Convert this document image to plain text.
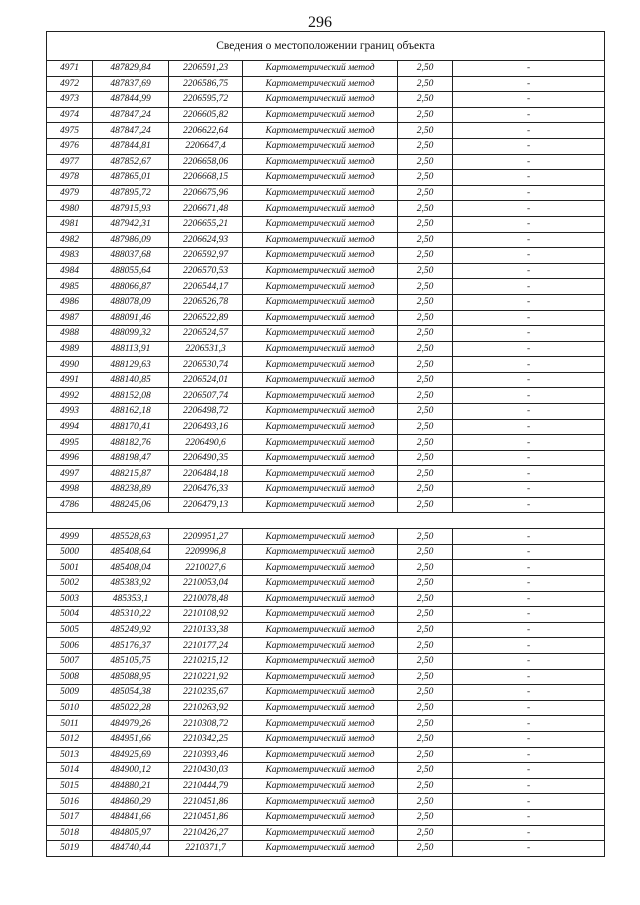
296
Сведения о местоположении границ объекта					
4971	487829,84	2206591,23	Картометрический метод	2,50	-
4972	487837,69	2206586,75	Картометрический метод	2,50	-
4973	487844,99	2206595,72	Картометрический метод	2,50	-
4974	487847,24	2206605,82	Картометрический метод	2,50	-
4975	487847,24	2206622,64	Картометрический метод	2,50	-
4976	487844,81	2206647,4	Картометрический метод	2,50	-
4977	487852,67	2206658,06	Картометрический метод	2,50	-
4978	487865,01	2206668,15	Картометрический метод	2,50	-
4979	487895,72	2206675,96	Картометрический метод	2,50	-
4980	487915,93	2206671,48	Картометрический метод	2,50	-
4981	487942,31	2206655,21	Картометрический метод	2,50	-
4982	487986,09	2206624,93	Картометрический метод	2,50	-
4983	488037,68	2206592,97	Картометрический метод	2,50	-
4984	488055,64	2206570,53	Картометрический метод	2,50	-
4985	488066,87	2206544,17	Картометрический метод	2,50	-
4986	488078,09	2206526,78	Картометрический метод	2,50	-
4987	488091,46	2206522,89	Картометрический метод	2,50	-
4988	488099,32	2206524,57	Картометрический метод	2,50	-
4989	488113,91	2206531,3	Картометрический метод	2,50	-
4990	488129,63	2206530,74	Картометрический метод	2,50	-
4991	488140,85	2206524,01	Картометрический метод	2,50	-
4992	488152,08	2206507,74	Картометрический метод	2,50	-
4993	488162,18	2206498,72	Картометрический метод	2,50	-
4994	488170,41	2206493,16	Картометрический метод	2,50	-
4995	488182,76	2206490,6	Картометрический метод	2,50	-
4996	488198,47	2206490,35	Картометрический метод	2,50	-
4997	488215,87	2206484,18	Картометрический метод	2,50	-
4998	488238,89	2206476,33	Картометрический метод	2,50	-
4786	488245,06	2206479,13	Картометрический метод	2,50	-

4999	485528,63	2209951,27	Картометрический метод	2,50	-
5000	485408,64	2209996,8	Картометрический метод	2,50	-
5001	485408,04	2210027,6	Картометрический метод	2,50	-
5002	485383,92	2210053,04	Картометрический метод	2,50	-
5003	485353,1	2210078,48	Картометрический метод	2,50	-
5004	485310,22	2210108,92	Картометрический метод	2,50	-
5005	485249,92	2210133,38	Картометрический метод	2,50	-
5006	485176,37	2210177,24	Картометрический метод	2,50	-
5007	485105,75	2210215,12	Картометрический метод	2,50	-
5008	485088,95	2210221,92	Картометрический метод	2,50	-
5009	485054,38	2210235,67	Картометрический метод	2,50	-
5010	485022,28	2210263,92	Картометрический метод	2,50	-
5011	484979,26	2210308,72	Картометрический метод	2,50	-
5012	484951,66	2210342,25	Картометрический метод	2,50	-
5013	484925,69	2210393,46	Картометрический метод	2,50	-
5014	484900,12	2210430,03	Картометрический метод	2,50	-
5015	484880,21	2210444,79	Картометрический метод	2,50	-
5016	484860,29	2210451,86	Картометрический метод	2,50	-
5017	484841,66	2210451,86	Картометрический метод	2,50	-
5018	484805,97	2210426,27	Картометрический метод	2,50	-
5019	484740,44	2210371,7	Картометрический метод	2,50	-
